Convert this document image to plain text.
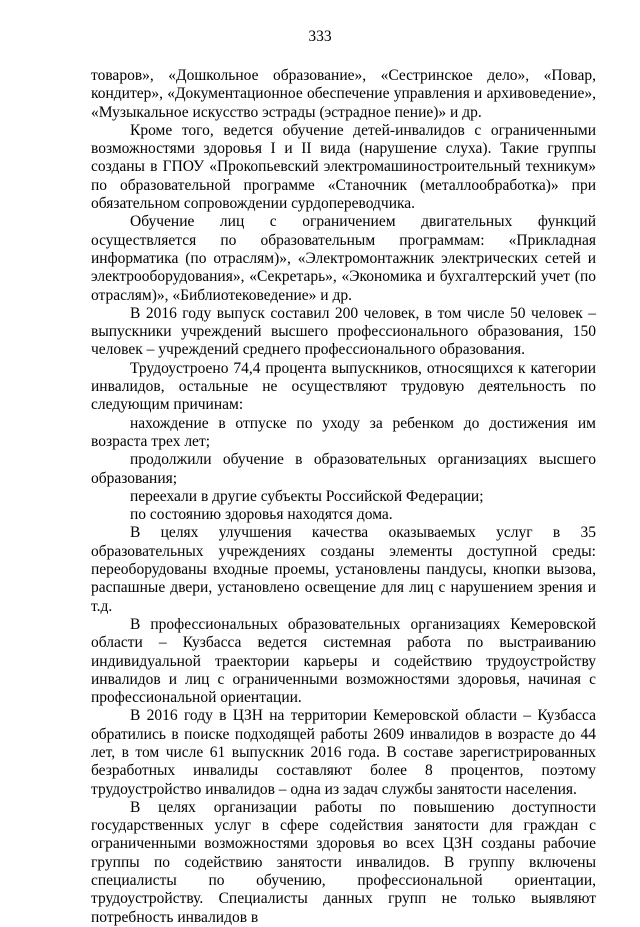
333

товаров», «Дошкольное образование», «Сестринское дело», «Повар, кондитер», «Документационное обеспечение управления и архивоведение», «Музыкальное искусство эстрады (эстрадное пение)» и др.

Кроме того, ведется обучение детей-инвалидов с ограниченными возможностями здоровья I и II вида (нарушение слуха). Такие группы созданы в ГПОУ «Прокопьевский электромашиностроительный техникум» по образовательной программе «Станочник (металлообработка)» при обязательном сопровождении сурдопереводчика.

Обучение лиц с ограничением двигательных функций осуществляется по образовательным программам: «Прикладная информатика (по отраслям)», «Электромонтажник электрических сетей и электрооборудования», «Секретарь», «Экономика и бухгалтерский учет (по отраслям)», «Библиотековедение» и др.

В 2016 году выпуск составил 200 человек, в том числе 50 человек – выпускники учреждений высшего профессионального образования, 150 человек – учреждений среднего профессионального образования.

Трудоустроено 74,4 процента выпускников, относящихся к категории инвалидов, остальные не осуществляют трудовую деятельность по следующим причинам:

нахождение в отпуске по уходу за ребенком до достижения им возраста трех лет;

продолжили обучение в образовательных организациях высшего образования;

переехали в другие субъекты Российской Федерации;

по состоянию здоровья находятся дома.

В целях улучшения качества оказываемых услуг в 35 образовательных учреждениях созданы элементы доступной среды: переоборудованы входные проемы, установлены пандусы, кнопки вызова, распашные двери, установлено освещение для лиц с нарушением зрения и т.д.

В профессиональных образовательных организациях Кемеровской области – Кузбасса ведется системная работа по выстраиванию индивидуальной траектории карьеры и содействию трудоустройству инвалидов и лиц с ограниченными возможностями здоровья, начиная с профессиональной ориентации.

В 2016 году в ЦЗН на территории Кемеровской области – Кузбасса обратились в поиске подходящей работы 2609 инвалидов в возрасте до 44 лет, в том числе 61 выпускник 2016 года. В составе зарегистрированных безработных инвалиды составляют более 8 процентов, поэтому трудоустройство инвалидов – одна из задач службы занятости населения.

В целях организации работы по повышению доступности государственных услуг в сфере содействия занятости для граждан с ограниченными возможностями здоровья во всех ЦЗН созданы рабочие группы по содействию занятости инвалидов. В группу включены специалисты по обучению, профессиональной ориентации, трудоустройству. Специалисты данных групп не только выявляют потребность инвалидов в
